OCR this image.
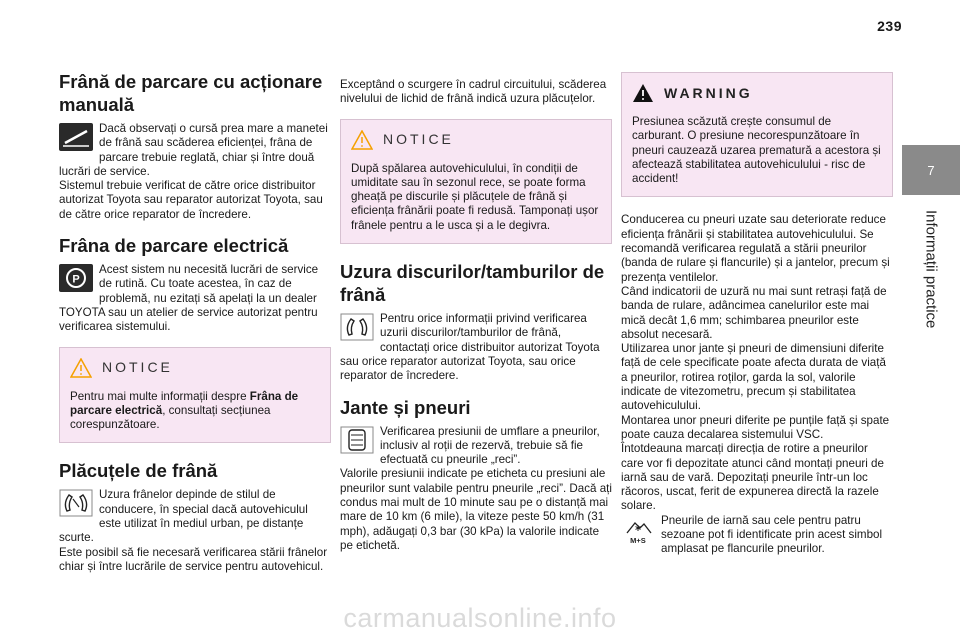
239
7
Informații practice
Frână de parcare cu acționare manuală

Dacă observați o cursă prea mare a manetei de frână sau scăderea eficienței, frâna de parcare trebuie reglată, chiar și între două lucrări de service.

Sistemul trebuie verificat de către orice distribuitor autorizat Toyota sau reparator autorizat Toyota, sau de către orice reparator de încredere.

Frâna de parcare electrică
P

Acest sistem nu necesită lucrări de service de rutină. Cu toate acestea, în caz de problemă, nu ezitați să apelați la un dealer TOYOTA sau un atelier de service autorizat pentru verificarea sistemului.

NOTICE

Pentru mai multe informații despre Frâna de parcare electrică, consultați secțiunea corespunzătoare.

Plăcuțele de frână

Uzura frânelor depinde de stilul de conducere, în special dacă autovehiculul este utilizat în mediul urban, pe distanțe scurte.

Este posibil să fie necesară verificarea stării frânelor chiar și între lucrările de service pentru autovehicul.

Exceptând o scurgere în cadrul circuitului, scăderea nivelului de lichid de frână indică uzura plăcuțelor.

NOTICE

După spălarea autovehiculului, în condiții de umiditate sau în sezonul rece, se poate forma gheață pe discurile și plăcuțele de frână și eficiența frânării poate fi redusă. Tamponați ușor frânele pentru a le usca și a le degivra.

Uzura discurilor/tamburilor de frână

Pentru orice informații privind verificarea uzurii discurilor/tamburilor de frână, contactați orice distribuitor autorizat Toyota sau orice reparator autorizat Toyota, sau orice reparator de încredere.

Jante și pneuri

Verificarea presiunii de umflare a pneurilor, inclusiv al roții de rezervă, trebuie să fie efectuată cu pneurile „reci”.

Valorile presiunii indicate pe eticheta cu presiuni ale pneurilor sunt valabile pentru pneurile „reci”. Dacă ați condus mai mult de 10 minute sau pe o distanță mai mare de 10 km (6 mile), la viteze peste 50 km/h (31 mph), adăugați 0,3 bar (30 kPa) la valorile indicate pe etichetă.

WARNING

Presiunea scăzută crește consumul de carburant. O presiune necorespunzătoare în pneuri cauzează uzarea prematură a acestora și afectează stabilitatea autovehiculului - risc de accident!

Conducerea cu pneuri uzate sau deteriorate reduce eficiența frânării și stabilitatea autovehiculului. Se recomandă verificarea regulată a stării pneurilor (banda de rulare și flancurile) și a jantelor, precum și prezența ventilelor.

Când indicatorii de uzură nu mai sunt retrași față de banda de rulare, adâncimea canelurilor este mai mică decât 1,6 mm; schimbarea pneurilor este absolut necesară.

Utilizarea unor jante și pneuri de dimensiuni diferite față de cele specificate poate afecta durata de viață a pneurilor, rotirea roților, garda la sol, valorile indicate de vitezometru, precum și stabilitatea autovehiculului.

Montarea unor pneuri diferite pe punțile față și spate poate cauza decalarea sistemului VSC.

Întotdeauna marcați direcția de rotire a pneurilor care vor fi depozitate atunci când montați pneuri de iarnă sau de vară. Depozitați pneurile într-un loc răcoros, uscat, ferit de expunerea directă la razele solare.

M+S

Pneurile de iarnă sau cele pentru patru sezoane pot fi identificate prin acest simbol amplasat pe flancurile pneurilor.

carmanualsonline.info
